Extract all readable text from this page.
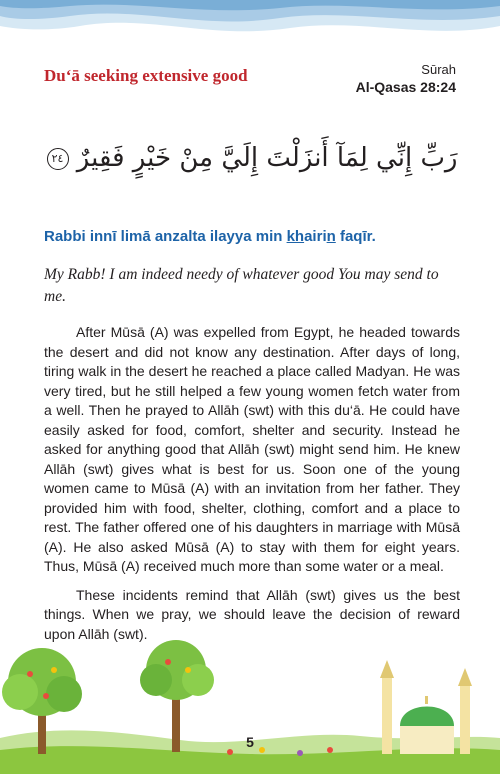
Du‘ā seeking extensive good	Sūrah
Al-Qasas 28:24
رَبِّ إِنِّي لِمَآ أَنزَلْتَ إِلَيَّ مِنْ خَيْرٍ فَقِيرٌ ٢٤
Rabbi innī limā anzalta ilayya min khairin faqīr.
My Rabb! I am indeed needy of whatever good You may send to me.

After Mūsā (A) was expelled from Egypt, he headed towards the desert and did not know any destination. After days of long, tiring walk in the desert he reached a place called Madyan. He was very tired, but he still helped a few young women fetch water from a well. Then he prayed to Allāh (swt) with this du‘ā. He could have easily asked for food, comfort, shelter and security. Instead he asked for anything good that Allāh (swt) might send him. He knew Allāh (swt) gives what is best for us. Soon one of the young women came to Mūsā (A) with an invitation from her father. They provided him with food, shelter, clothing, comfort and a place to rest. The father offered one of his daughters in marriage with Mūsā (A). He also asked Mūsā (A) to stay with them for eight years. Thus, Mūsā (A) received much more than some water or a meal.

These incidents remind that Allāh (swt) gives us the best things. When we pray, we should leave the decision of reward upon Allāh (swt).

5
